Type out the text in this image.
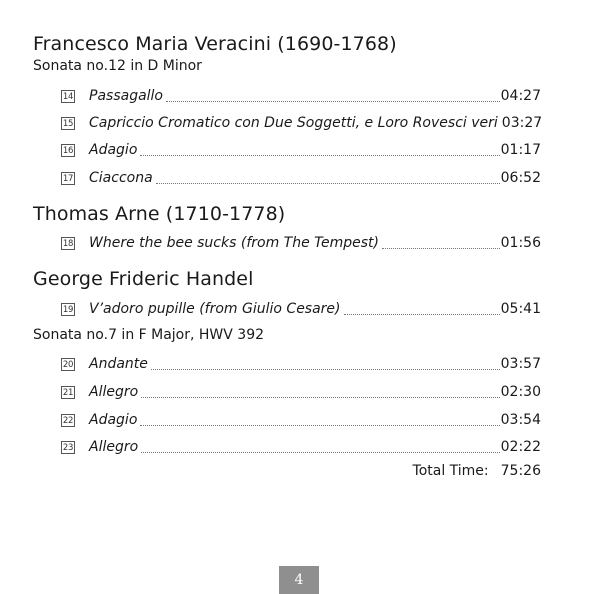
Francesco Maria Veracini (1690-1768)
Sonata no.12 in D Minor
14 Passagallo	04:27
15 Capriccio Cromatico con Due Soggetti, e Loro Rovesci veri 03:27
16 Adagio	01:17
17 Ciaccona	06:52
Thomas Arne (1710-1778)
18 Where the bee sucks (from The Tempest)	01:56
George Frideric Handel
19 V’adoro pupille (from Giulio Cesare)	05:41
Sonata no.7 in F Major, HWV 392
20 Andante	03:57
21 Allegro	02:30
22 Adagio	03:54
23 Allegro	02:22
Total Time: 75:26
4
